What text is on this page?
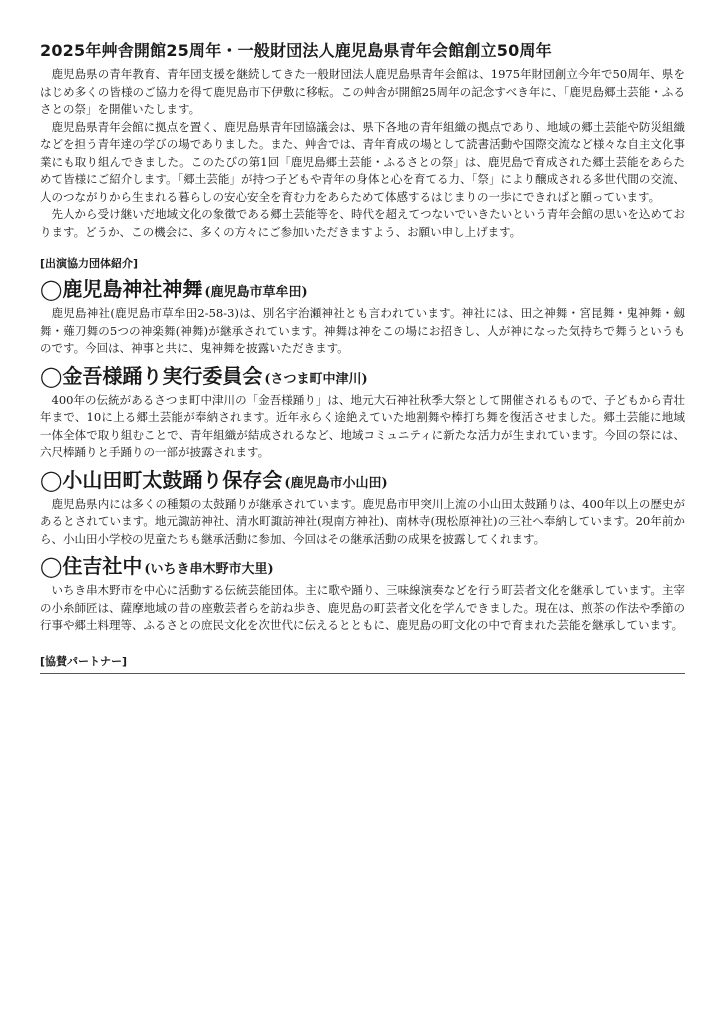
2025年艸舎開館25周年・一般財団法人鹿児島県青年会館創立50周年

鹿児島県の青年教育、青年団支援を継続してきた一般財団法人鹿児島県青年会館は、1975年財団創立今年で50周年、県をはじめ多くの皆様のご協力を得て鹿児島市下伊敷に移転。この艸舎が開館25周年の記念すべき年に、「鹿児島郷土芸能・ふるさとの祭」を開催いたします。

鹿児島県青年会館に拠点を置く、鹿児島県青年団協議会は、県下各地の青年組織の拠点であり、地域の郷土芸能や防災組織などを担う青年達の学びの場でありました。また、艸舎では、青年育成の場として読書活動や国際交流など様々な自主文化事業にも取り組んできました。このたびの第1回「鹿児島郷土芸能・ふるさとの祭」は、鹿児島で育成された郷土芸能をあらためて皆様にご紹介します。「郷土芸能」が持つ子どもや青年の身体と心を育てる力、「祭」により醸成される多世代間の交流、人のつながりから生まれる暮らしの安心安全を育む力をあらためて体感するはじまりの一歩にできればと願っています。

先人から受け継いだ地域文化の象徴である郷土芸能等を、時代を超えてつないでいきたいという青年会館の思いを込めております。どうか、この機会に、多くの方々にご参加いただきますよう、お願い申し上げます。

[出演協力団体紹介]
◯鹿児島神社神舞 (鹿児島市草牟田)

鹿児島神社(鹿児島市草牟田2-58-3)は、別名宇治瀬神社とも言われています。神社には、田之神舞・宮昆舞・鬼神舞・劔舞・薙刀舞の5つの神楽舞(神舞)が継承されています。神舞は神をこの場にお招きし、人が神になった気持ちで舞うというものです。今回は、神事と共に、鬼神舞を披露いただきます。

◯金吾様踊り実行委員会 (さつま町中津川)

400年の伝統があるさつま町中津川の「金吾様踊り」は、地元大石神社秋季大祭として開催されるもので、子どもから青壮年まで、10に上る郷土芸能が奉納されます。近年永らく途絶えていた地割舞や棒打ち舞を復活させました。郷土芸能に地域一体全体で取り組むことで、青年組織が結成されるなど、地域コミュニティに新たな活力が生まれています。今回の祭には、六尺棒踊りと手踊りの一部が披露されます。

◯小山田町太鼓踊り保存会 (鹿児島市小山田)

鹿児島県内には多くの種類の太鼓踊りが継承されています。鹿児島市甲突川上流の小山田太鼓踊りは、400年以上の歴史があるとされています。地元諏訪神社、清水町諏訪神社(現南方神社)、南林寺(現松原神社)の三社へ奉納しています。20年前から、小山田小学校の児童たちも継承活動に参加、今回はその継承活動の成果を披露してくれます。

◯住吉社中 (いちき串木野市大里)

いちき串木野市を中心に活動する伝統芸能団体。主に歌や踊り、三味線演奏などを行う町芸者文化を継承しています。主宰の小糸師匠は、薩摩地域の昔の座敷芸者らを訪ね歩き、鹿児島の町芸者文化を学んできました。現在は、煎茶の作法や季節の行事や郷土料理等、ふるさとの庶民文化を次世代に伝えるとともに、鹿児島の町文化の中で育まれた芸能を継承しています。

[協賛パートナー]
